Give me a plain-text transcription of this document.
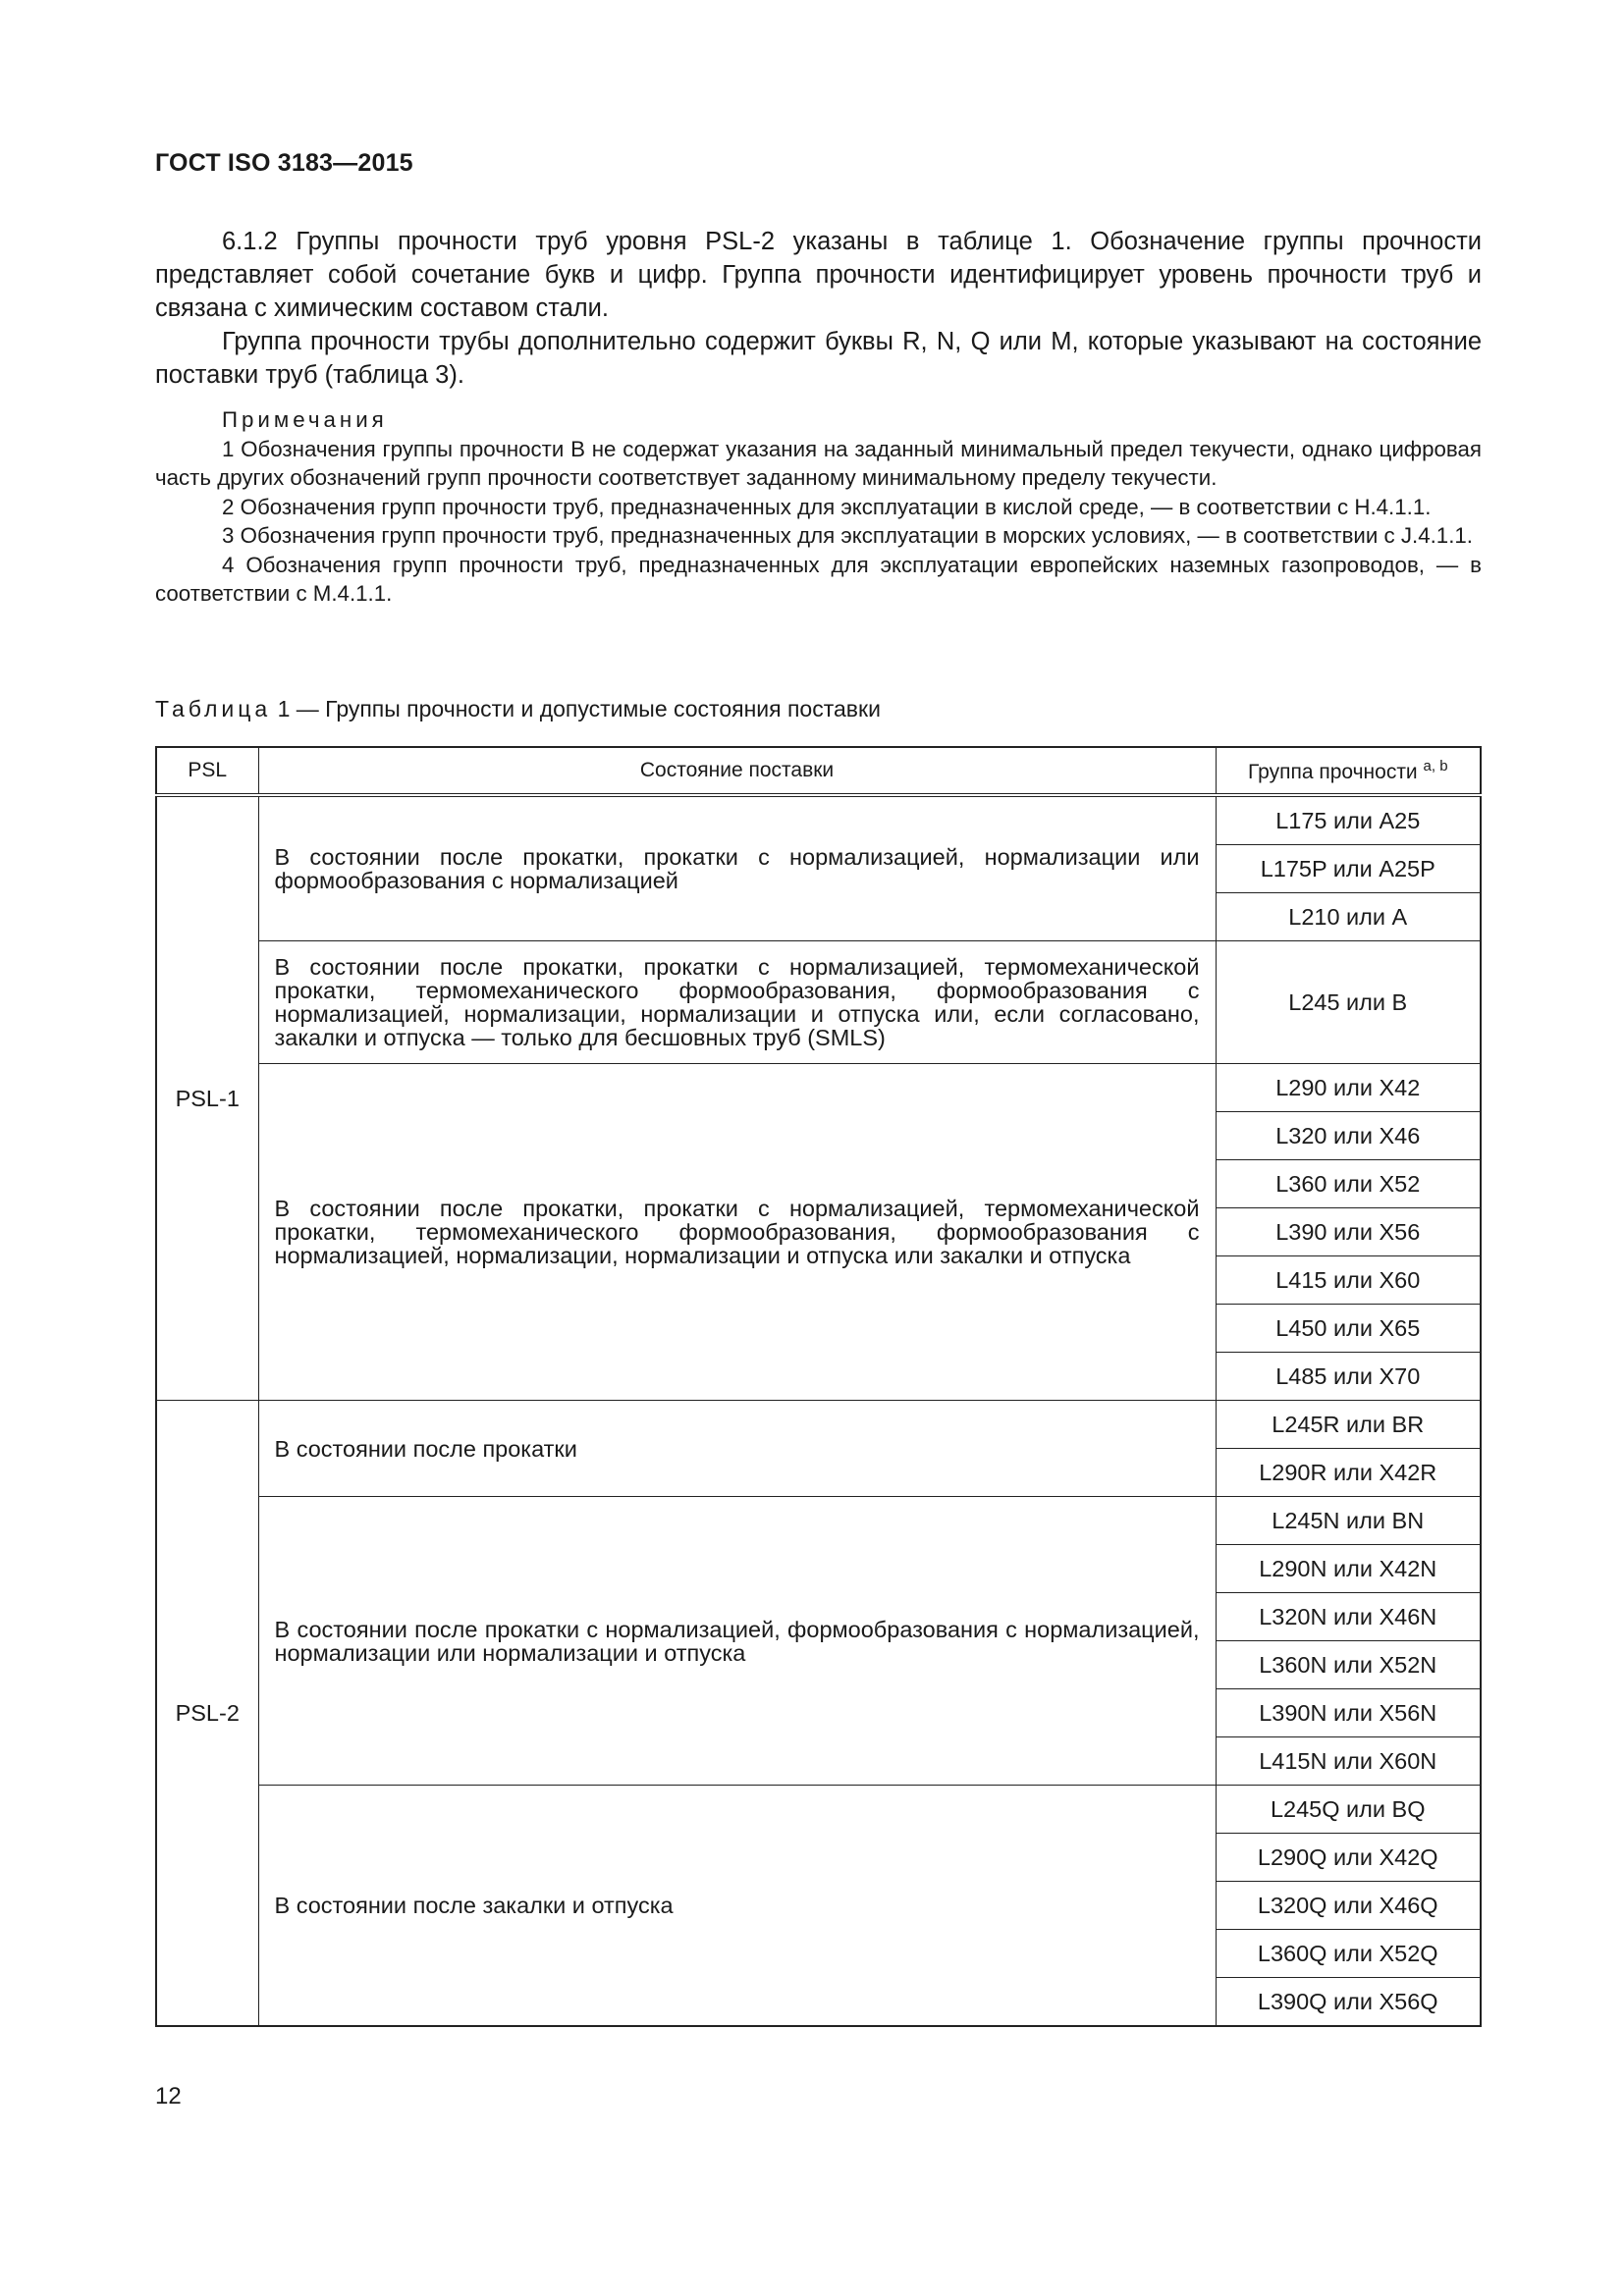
ГОСТ ISO 3183—2015

6.1.2 Группы прочности труб уровня PSL-2 указаны в таблице 1. Обозначение группы прочности представляет собой сочетание букв и цифр. Группа прочности идентифицирует уровень прочности труб и связана с химическим составом стали.

Группа прочности трубы дополнительно содержит буквы R, N, Q или M, которые указывают на состояние поставки труб (таблица 3).

Примечания

1 Обозначения группы прочности B не содержат указания на заданный минимальный предел текучести, однако цифровая часть других обозначений групп прочности соответствует заданному минимальному пределу текучести.

2 Обозначения групп прочности труб, предназначенных для эксплуатации в кислой среде, — в соответствии с H.4.1.1.

3 Обозначения групп прочности труб, предназначенных для эксплуатации в морских условиях, — в соответствии с J.4.1.1.

4 Обозначения групп прочности труб, предназначенных для эксплуатации европейских наземных газопроводов, — в соответствии с M.4.1.1.

Таблица 1 — Группы прочности и допустимые состояния поставки
PSL	Состояние поставки	Группа прочности $^{a, b}$
PSL-1	В состоянии после прокатки, прокатки с нормализацией, нормализации или формообразования с нормализацией	L175 или A25
		L175P или A25P
		L210 или A
	В состоянии после прокатки, прокатки с нормализацией, термомеханической прокатки, термомеханического формообразования, формообразования с нормализацией, нормализации, нормализации и отпуска или, если согласовано, закалки и отпуска — только для бесшовных труб (SMLS)	L245 или B
	В состоянии после прокатки, прокатки с нормализацией, термомеханической прокатки, термомеханического формообразования, формообразования с нормализацией, нормализации, нормализации и отпуска или закалки и отпуска	L290 или X42
		L320 или X46
		L360 или X52
		L390 или X56
		L415 или X60
		L450 или X65
		L485 или X70
PSL-2	В состоянии после прокатки	L245R или BR
		L290R или X42R
	В состоянии после прокатки с нормализацией, формообразования с нормализацией, нормализации или нормализации и отпуска	L245N или BN
		L290N или X42N
		L320N или X46N
		L360N или X52N
		L390N или X56N
		L415N или X60N
	В состоянии после закалки и отпуска	L245Q или BQ
		L290Q или X42Q
		L320Q или X46Q
		L360Q или X52Q
		L390Q или X56Q
12
